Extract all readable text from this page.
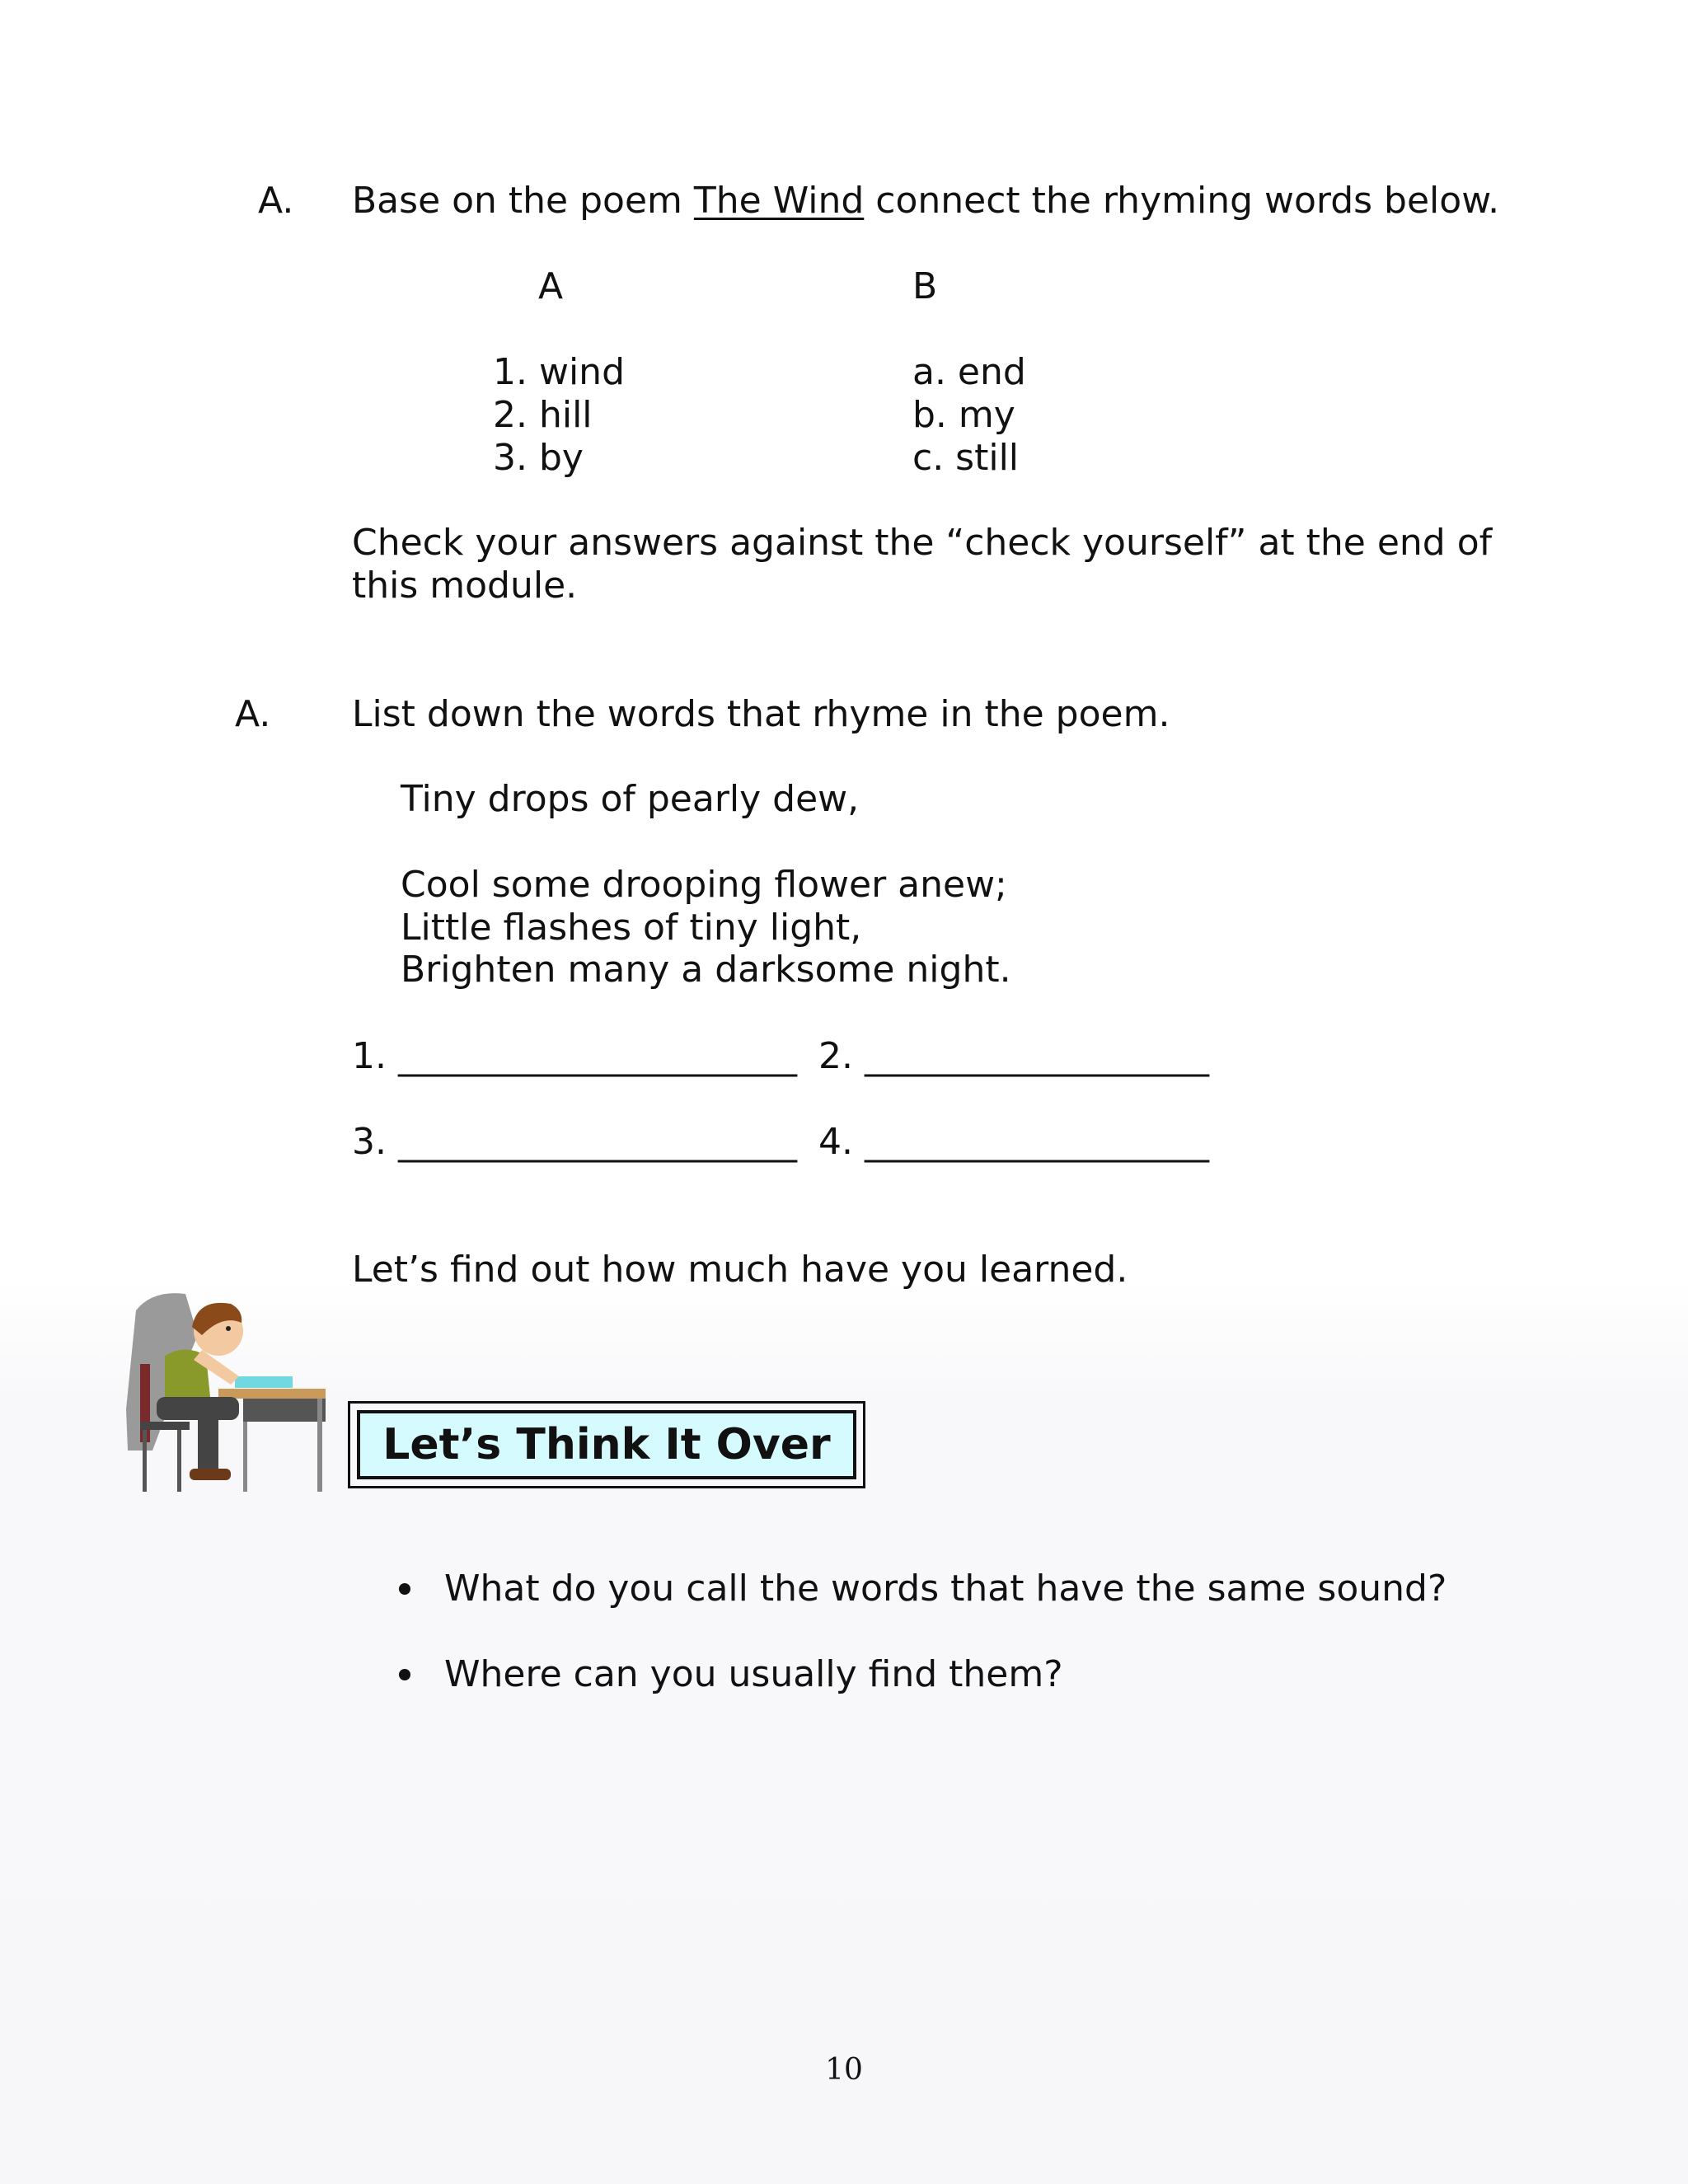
A. Base on the poem The Wind connect the rhyming words below.
A	B
1. wind
2. hill
3. by
a. end
b. my
c. still
Check your answers against the “check yourself” at the end of
this module.
A. List down the words that rhyme in the poem.
Tiny drops of pearly dew,
Cool some drooping flower anew;
Little flashes of tiny light,
Brighten many a darksome night.
1. ______________________ 2. ___________________
3. ______________________ 4. ___________________
Let’s find out how much have you learned.
Let’s Think It Over
What do you call the words that have the same sound?
Where can you usually find them?
10
